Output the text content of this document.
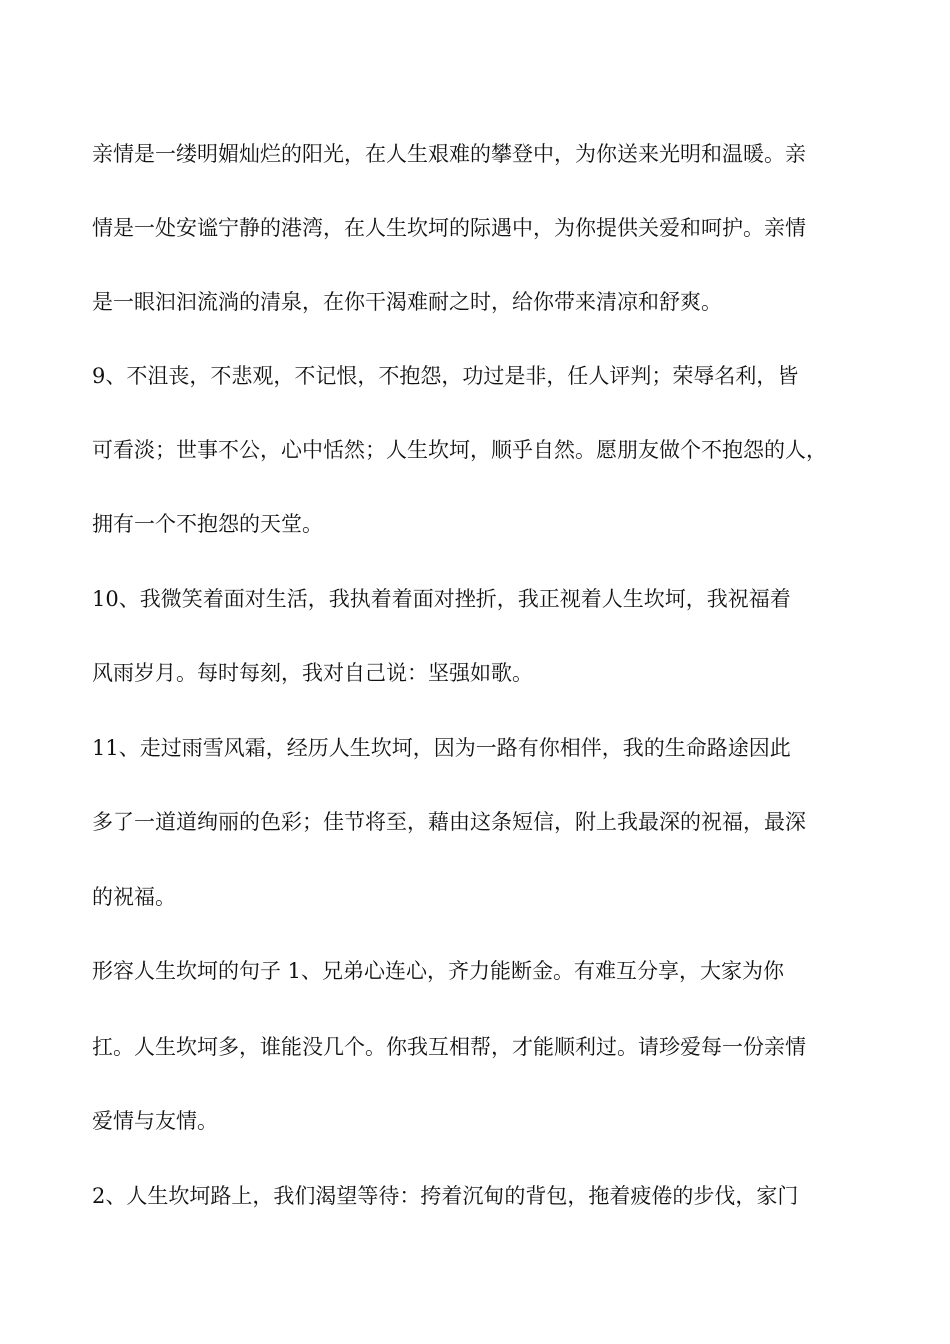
亲情是一缕明媚灿烂的阳光，在人生艰难的攀登中，为你送来光明和温暖。亲
情是一处安谧宁静的港湾，在人生坎坷的际遇中，为你提供关爱和呵护。亲情
是一眼汩汩流淌的清泉，在你干渴难耐之时，给你带来清凉和舒爽。
9、不沮丧，不悲观，不记恨，不抱怨，功过是非，任人评判；荣辱名利，皆
可看淡；世事不公，心中恬然；人生坎坷，顺乎自然。愿朋友做个不抱怨的人，
拥有一个不抱怨的天堂。
10、我微笑着面对生活，我执着着面对挫折，我正视着人生坎坷，我祝福着
风雨岁月。每时每刻，我对自己说：坚强如歌。
11、走过雨雪风霜，经历人生坎坷，因为一路有你相伴，我的生命路途因此
多了一道道绚丽的色彩；佳节将至，藉由这条短信，附上我最深的祝福，最深
的祝福。
形容人生坎坷的句子 1、兄弟心连心，齐力能断金。有难互分享，大家为你
扛。人生坎坷多，谁能没几个。你我互相帮，才能顺利过。请珍爱每一份亲情
爱情与友情。
2、人生坎坷路上，我们渴望等待：挎着沉甸的背包，拖着疲倦的步伐，家门
